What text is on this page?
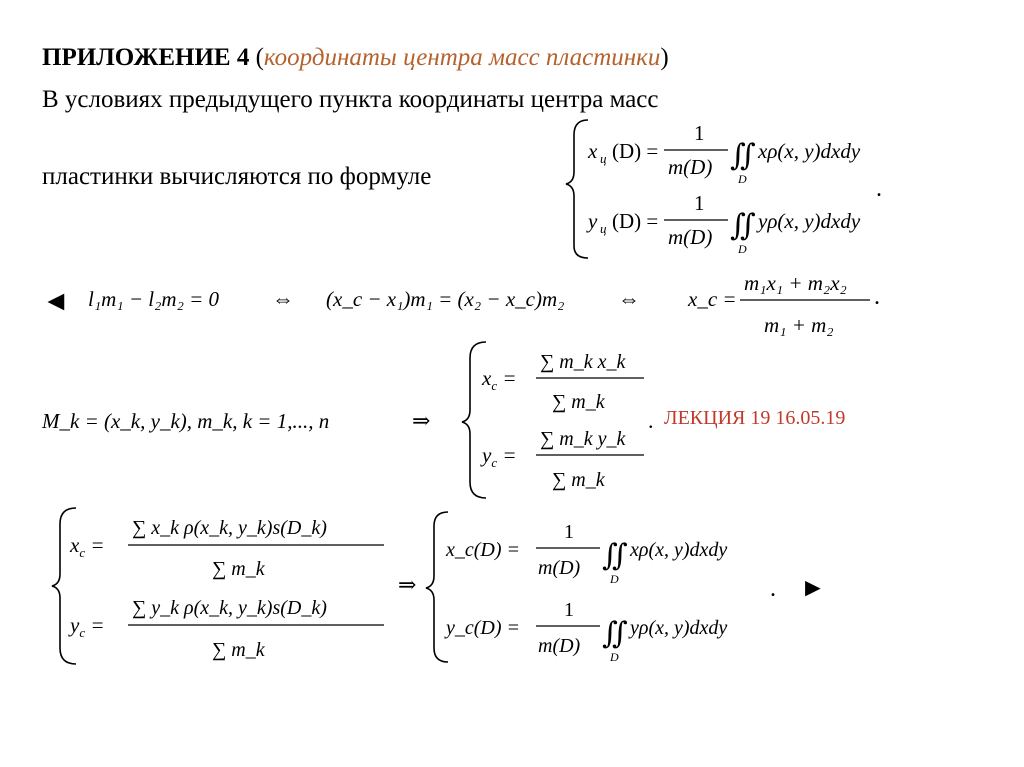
ПРИЛОЖЕНИЕ 4 (координаты центра масс пластинки)
В условиях предыдущего пункта координаты центра масс
пластинки вычисляются по формуле
x ц (D) =
1
m(D) ∬
D
xρ(x, y)dxdy
y ц (D) =
1
m(D) ∬
D
yρ(x, y)dxdy
.
◄ l₁m₁ − l₂m₂ = 0 ⇔ (x_c − x₁)m₁ = (x₂ − x_c)m₂ ⇔ x_c =
m₁x₁ + m₂x₂
m₁ + m₂
.
M_k = (x_k, y_k), m_k, k = 1,..., n	⇒
$x_c$ =
∑ m_k x_k
∑ m_k
$y_c$ =
∑ m_k y_k
∑ m_k
.
$x_c$ =
∑ x_k ρ(x_k, y_k)s(D_k)
∑ m_k
$y_c$ =
∑ y_k ρ(x_k, y_k)s(D_k)
∑ m_k
⇒
x_c(D) =
1
m(D) ∬
D
xρ(x, y)dxdy
y_c(D) =
1
m(D) ∬
D
yρ(x, y)dxdy
. ►
ЛЕКЦИЯ 19 16.05.19
